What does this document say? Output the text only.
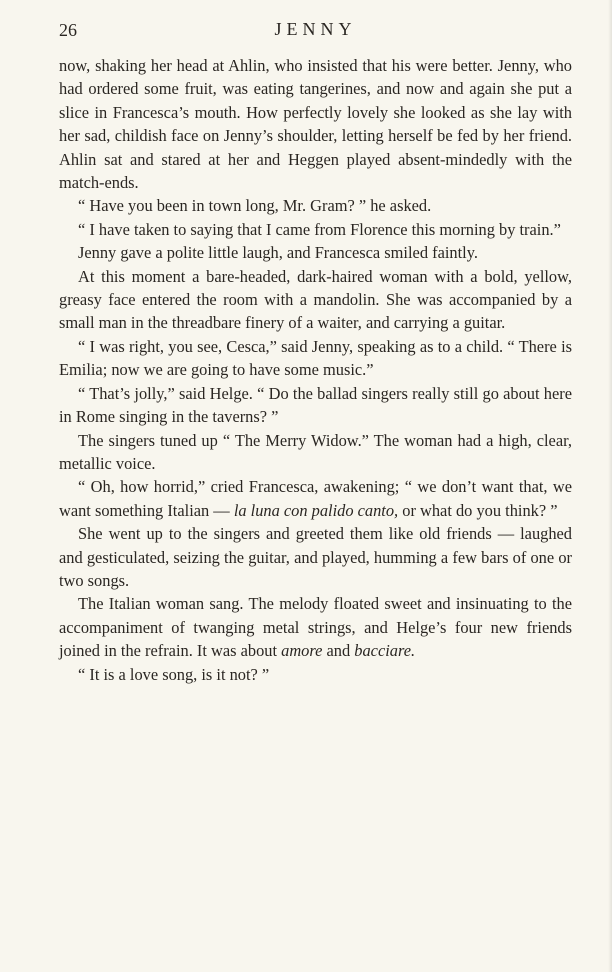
26	JENNY

now, shaking her head at Ahlin, who insisted that his were better. Jenny, who had ordered some fruit, was eating tangerines, and now and again she put a slice in Francesca’s mouth. How perfectly lovely she looked as she lay with her sad, childish face on Jenny’s shoulder, letting herself be fed by her friend. Ahlin sat and stared at her and Heggen played absent-mindedly with the match-ends.

“ Have you been in town long, Mr. Gram? ” he asked.

“ I have taken to saying that I came from Florence this morning by train.”

Jenny gave a polite little laugh, and Francesca smiled faintly.

At this moment a bare-headed, dark-haired woman with a bold, yellow, greasy face entered the room with a mandolin. She was accompanied by a small man in the threadbare finery of a waiter, and carrying a guitar.

“ I was right, you see, Cesca,” said Jenny, speaking as to a child. “ There is Emilia; now we are going to have some music.”

“ That’s jolly,” said Helge. “ Do the ballad singers really still go about here in Rome singing in the taverns? ”

The singers tuned up “ The Merry Widow.” The woman had a high, clear, metallic voice.

“ Oh, how horrid,” cried Francesca, awakening; “ we don’t want that, we want something Italian — la luna con palido canto, or what do you think? ”

She went up to the singers and greeted them like old friends — laughed and gesticulated, seizing the guitar, and played, humming a few bars of one or two songs.

The Italian woman sang. The melody floated sweet and insinuating to the accompaniment of twanging metal strings, and Helge’s four new friends joined in the refrain. It was about amore and bacciare.

“ It is a love song, is it not? ”
